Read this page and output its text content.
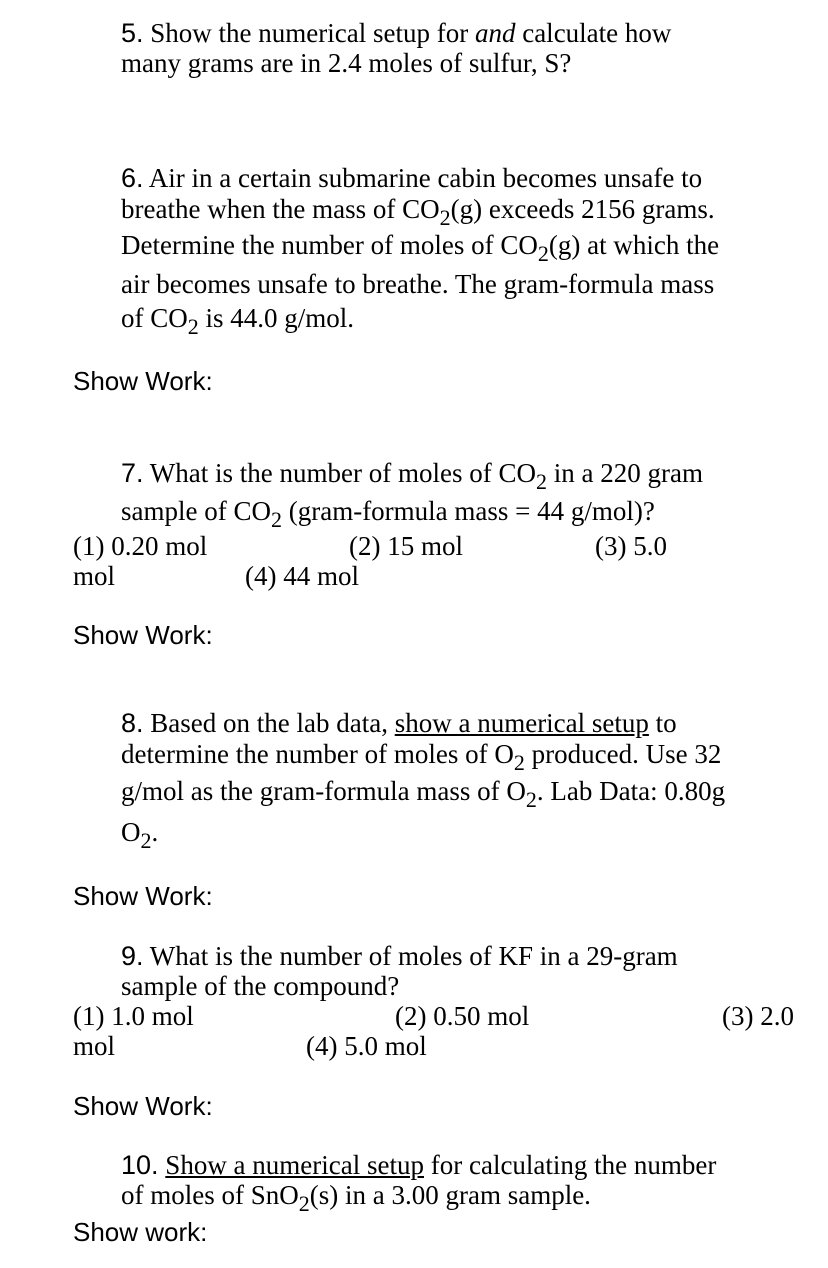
5. Show the numerical setup for and calculate how
many grams are in 2.4 moles of sulfur, S?
6. Air in a certain submarine cabin becomes unsafe to
breathe when the mass of $CO_2(g)$ exceeds 2156 grams.
Determine the number of moles of $CO_2(g)$ at which the
air becomes unsafe to breathe. The gram-formula mass
of $CO_2$ is 44.0 g/mol.
Show Work:
7. What is the number of moles of $CO_2$ in a 220 gram
sample of $CO_2$ (gram-formula mass = 44 g/mol)?
(1) 0.20 mol	(2) 15 mol	(3) 5.0
mol	(4) 44 mol
Show Work:
8. Based on the lab data, show a numerical setup to
determine the number of moles of $O_2$ produced. Use 32
g/mol as the gram-formula mass of $O_2$. Lab Data: 0.80g
$O_2$.
Show Work:
9. What is the number of moles of KF in a 29-gram
sample of the compound?
(1) 1.0 mol	(2) 0.50 mol	(3) 2.0
mol	(4) 5.0 mol
Show Work:
10. Show a numerical setup for calculating the number
of moles of SnO$_2$(s) in a 3.00 gram sample.
Show work:
